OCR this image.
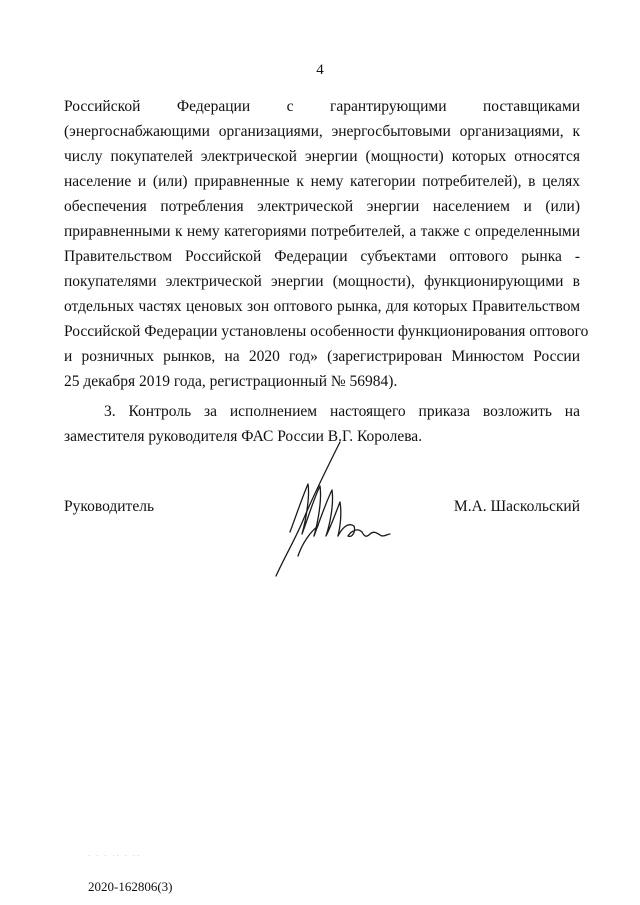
4
Российской Федерации с гарантирующими поставщиками
(энергоснабжающими организациями, энергосбытовыми организациями, к
числу покупателей электрической энергии (мощности) которых относятся
население и (или) приравненные к нему категории потребителей), в целях
обеспечения потребления электрической энергии населением и (или)
приравненными к нему категориями потребителей, а также с определенными
Правительством Российской Федерации субъектами оптового рынка -
покупателями электрической энергии (мощности), функционирующими в
отдельных частях ценовых зон оптового рынка, для которых Правительством
Российской Федерации установлены особенности функционирования оптового
и розничных рынков, на 2020 год» (зарегистрирован Минюстом России
25 декабря 2019 года, регистрационный № 56984).
3. Контроль за исполнением настоящего приказа возложить на
заместителя руководителя ФАС России В.Г. Королева.
Руководитель	М.А. Шаскольский
· · · ·· · ··
2020-162806(3)
